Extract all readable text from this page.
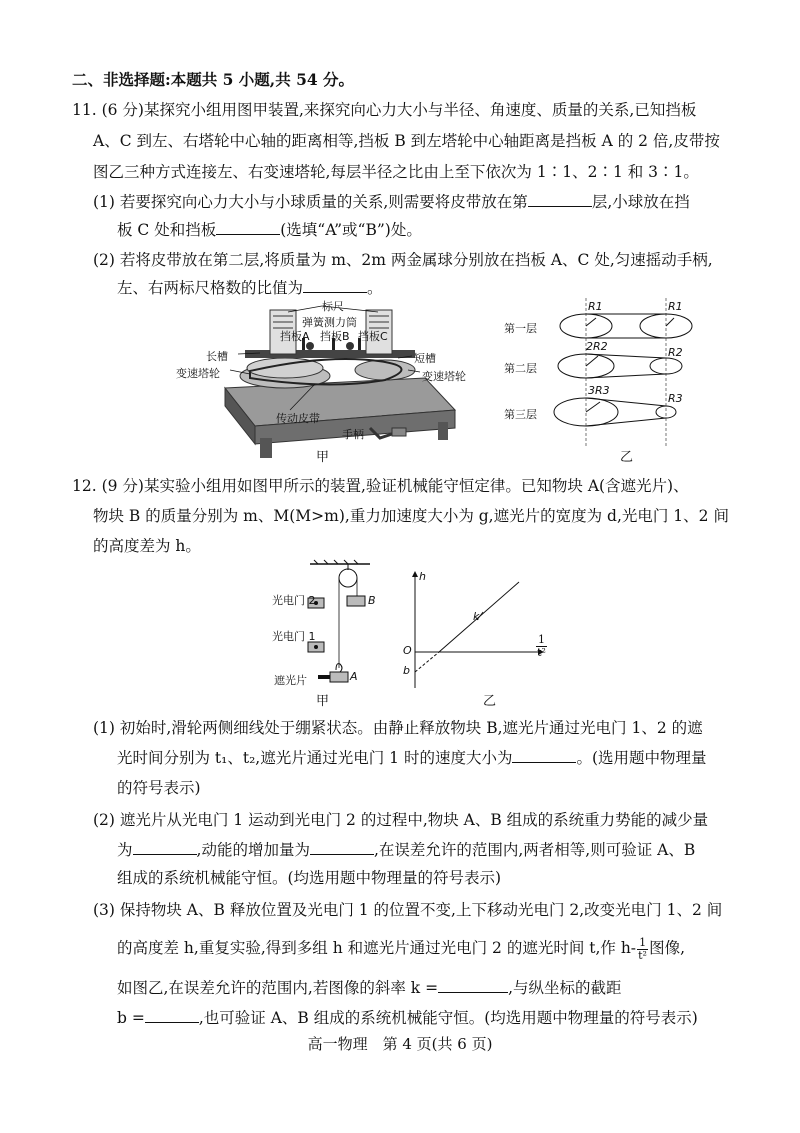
二、非选择题:本题共 5 小题,共 54 分。
11. (6 分)某探究小组用图甲装置,来探究向心力大小与半径、角速度、质量的关系,已知挡板
A、C 到左、右塔轮中心轴的距离相等,挡板 B 到左塔轮中心轴距离是挡板 A 的 2 倍,皮带按
图乙三种方式连接左、右变速塔轮,每层半径之比由上至下依次为 1∶1、2∶1 和 3∶1。
(1) 若要探究向心力大小与小球质量的关系,则需要将皮带放在第	层,小球放在挡
板 C 处和挡板	(选填“A”或“B”)处。
(2) 若将皮带放在第二层,将质量为 m、2m 两金属球分别放在挡板 A、C 处,匀速摇动手柄,
左、右两标尺格数的比值为	。
标尺
弹簧测力筒
挡板A 挡板B 挡板C
长槽	短槽
变速塔轮	变速塔轮
传动皮带
手柄
甲
第一层
第二层
第三层
R1	R1
2R2	R2
3R3
R3
乙
12. (9 分)某实验小组用如图甲所示的装置,验证机械能守恒定律。已知物块 A(含遮光片)、
物块 B 的质量分别为 m、M(M>m),重力加速度大小为 g,遮光片的宽度为 d,光电门 1、2 间
的高度差为 h。
光电门 2	B
光电门 1
遮光片	A
甲
h
k
O
b
$\frac{1}{\text{t²}}$
乙
(1) 初始时,滑轮两侧细线处于绷紧状态。由静止释放物块 B,遮光片通过光电门 1、2 的遮
光时间分别为 t₁、t₂,遮光片通过光电门 1 时的速度大小为	。(选用题中物理量
的符号表示)
(2) 遮光片从光电门 1 运动到光电门 2 的过程中,物块 A、B 组成的系统重力势能的减少量
为	,动能的增加量为	,在误差允许的范围内,两者相等,则可验证 A、B
组成的系统机械能守恒。(均选用题中物理量的符号表示)
(3) 保持物块 A、B 释放位置及光电门 1 的位置不变,上下移动光电门 2,改变光电门 1、2 间
的高度差 h,重复实验,得到多组 h 和遮光片通过光电门 2 的遮光时间 t,作 $h- \frac{1}{\text{t²}}$ 图像,
如图乙,在误差允许的范围内,若图像的斜率 k =	,与纵坐标的截距
b =	,也可验证 A、B 组成的系统机械能守恒。(均选用题中物理量的符号表示)
高一物理　第 4 页(共 6 页)
